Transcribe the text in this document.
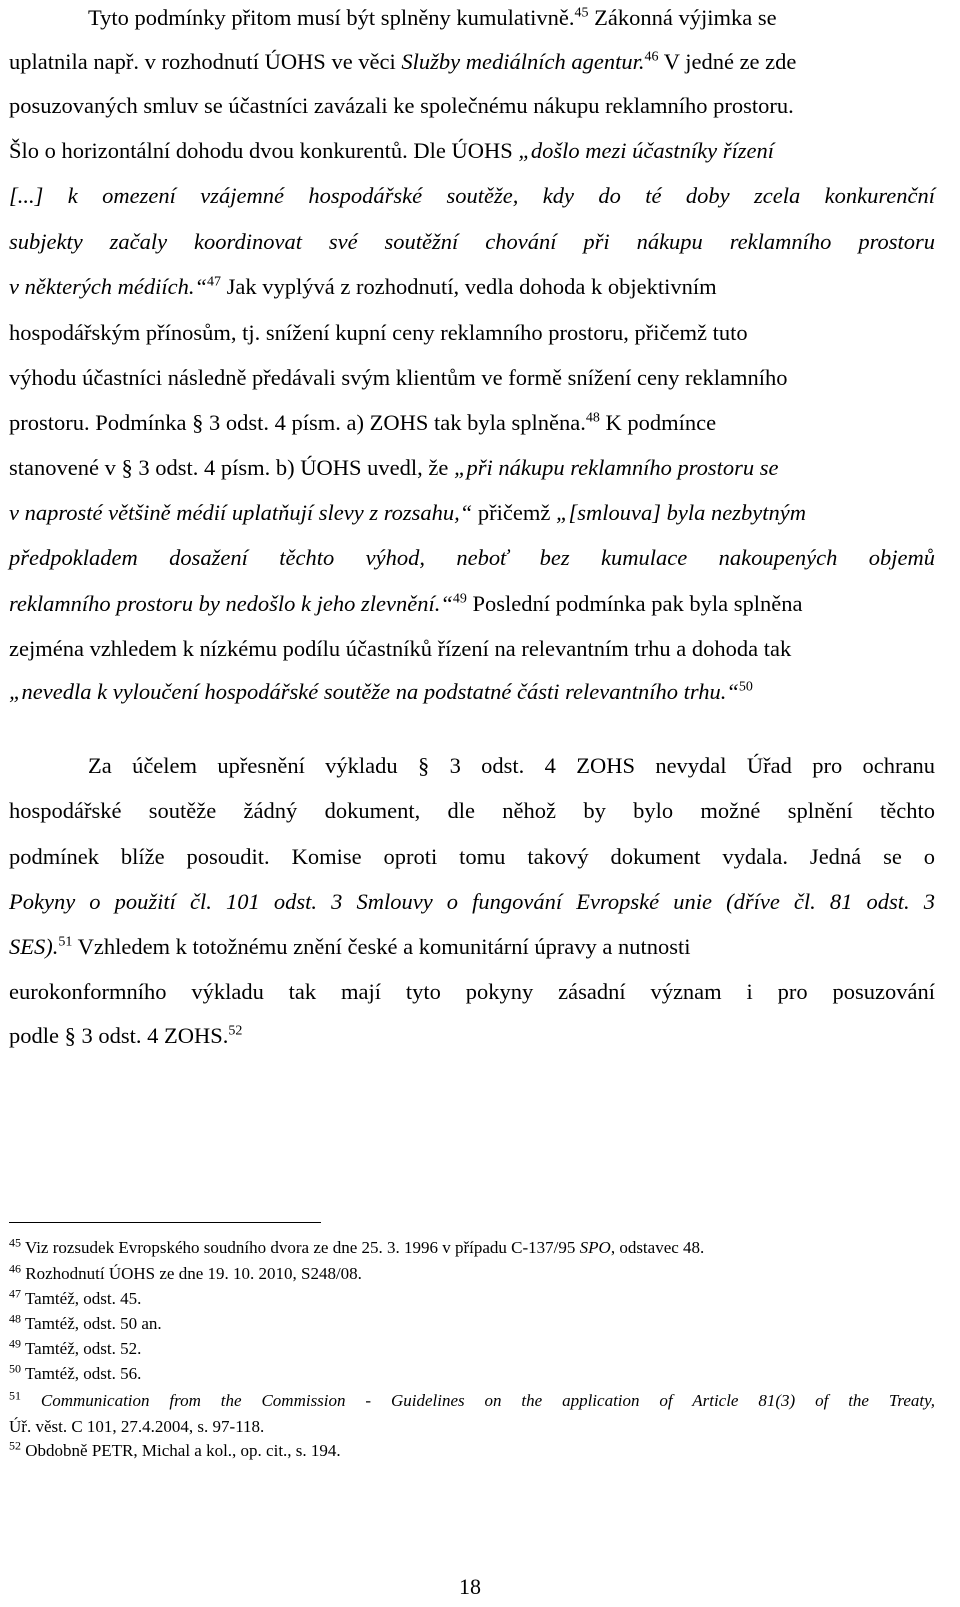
Tyto podmínky přitom musí být splněny kumulativně.$^{45}$ Zákonná výjimka se
uplatnila např. v rozhodnutí ÚOHS ve věci Služby mediálních agentur.$^{46}$ V jedné ze zde
posuzovaných smluv se účastníci zavázali ke společnému nákupu reklamního prostoru.
Šlo o horizontální dohodu dvou konkurentů. Dle ÚOHS „došlo mezi účastníky řízení
[...] k omezení vzájemné hospodářské soutěže, kdy do té doby zcela konkurenční
subjekty začaly koordinovat své soutěžní chování při nákupu reklamního prostoru
v některých médiích.“$^{47}$ Jak vyplývá z rozhodnutí, vedla dohoda k objektivním
hospodářským přínosům, tj. snížení kupní ceny reklamního prostoru, přičemž tuto
výhodu účastníci následně předávali svým klientům ve formě snížení ceny reklamního
prostoru. Podmínka § 3 odst. 4 písm. a) ZOHS tak byla splněna.$^{48}$ K podmínce
stanovené v § 3 odst. 4 písm. b) ÚOHS uvedl, že „při nákupu reklamního prostoru se
v naprosté většině médií uplatňují slevy z rozsahu,“ přičemž „[smlouva] byla nezbytným
předpokladem dosažení těchto výhod, neboť bez kumulace nakoupených objemů
reklamního prostoru by nedošlo k jeho zlevnění.“$^{49}$ Poslední podmínka pak byla splněna
zejména vzhledem k nízkému podílu účastníků řízení na relevantním trhu a dohoda tak
„nevedla k vyloučení hospodářské soutěže na podstatné části relevantního trhu.“$^{50}$
Za účelem upřesnění výkladu § 3 odst. 4 ZOHS nevydal Úřad pro ochranu
hospodářské soutěže žádný dokument, dle něhož by bylo možné splnění těchto
podmínek blíže posoudit. Komise oproti tomu takový dokument vydala. Jedná se o
Pokyny o použití čl. 101 odst. 3 Smlouvy o fungování Evropské unie (dříve čl. 81 odst. 3
SES).$^{51}$ Vzhledem k totožnému znění české a komunitární úpravy a nutnosti
eurokonformního výkladu tak mají tyto pokyny zásadní význam i pro posuzování
podle § 3 odst. 4 ZOHS.$^{52}$
$^{45}$ Viz rozsudek Evropského soudního dvora ze dne 25. 3. 1996 v případu C-137/95 SPO, odstavec 48.
$^{46}$ Rozhodnutí ÚOHS ze dne 19. 10. 2010, S248/08.
$^{47}$ Tamtéž, odst. 45.
$^{48}$ Tamtéž, odst. 50 an.
$^{49}$ Tamtéž, odst. 52.
$^{50}$ Tamtéž, odst. 56.
$^{51}$ Communication from the Commission - Guidelines on the application of Article 81(3) of the Treaty,
Úř. věst. C 101, 27.4.2004, s. 97-118.
$^{52}$ Obdobně PETR, Michal a kol., op. cit., s. 194.
18
